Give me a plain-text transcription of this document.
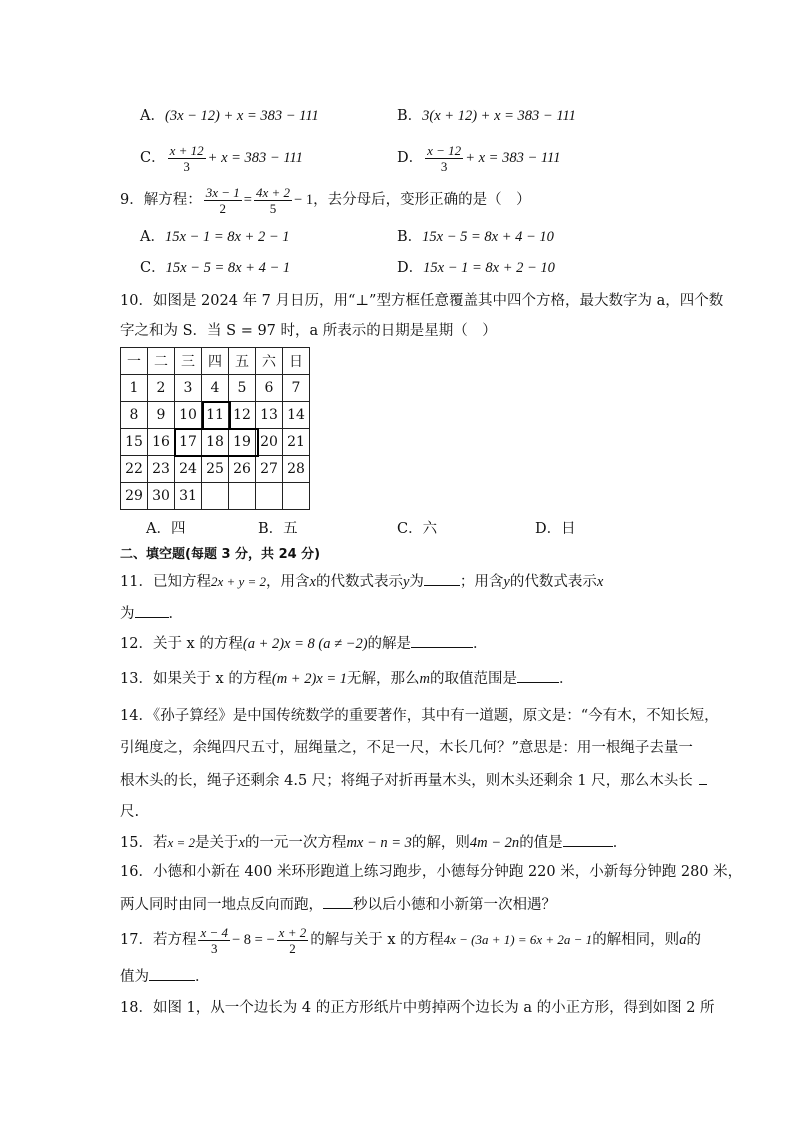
A．(3x − 12) + x = 383 − 111	B．3(x + 12) + x = 383 − 111
C． $\frac{x + 12}{3} + x = 383 - 111$	D． $\frac{x - 12}{3} + x = 383 - 111$
9．解方程： $\frac{3x - 1}{2} = \frac{4x + 2}{5} - 1$，去分母后，变形正确的是（　）
A．15x − 1 = 8x + 2 − 1	B．15x − 5 = 8x + 4 − 10
C．15x − 5 = 8x + 4 − 1	D．15x − 1 = 8x + 2 − 10
10．如图是 2024 年 7 月日历，用“⊥”型方框任意覆盖其中四个方格，最大数字为 a，四个数
字之和为 S．当 S = 97 时，a 所表示的日期是星期（　）
一	二	三	四	五	六	日
1	2	3	4	5	6	7
8	9	10	11	12	13	14
15	16	17	18	19	20	21
22	23	24	25	26	27	28
29	30	31				
A．四	B．五	C．六	D．日
二、填空题(每题 3 分，共 24 分)
11．已知方程2x + y = 2，用含x的代数式表示y为 ；用含y的代数式表示x
为 ．
12．关于 x 的方程(a + 2)x = 8 (a ≠ −2)的解是	．
13．如果关于 x 的方程(m + 2)x = 1无解，那么m的取值范围是	．
14．《孙子算经》是中国传统数学的重要著作，其中有一道题，原文是：“今有木，不知长短，
引绳度之，余绳四尺五寸，屈绳量之，不足一尺，木长几何？”意思是：用一根绳子去量一
根木头的长，绳子还剩余 4.5 尺；将绳子对折再量木头，则木头还剩余 1 尺，那么木头长
尺.
15．若x = 2是关于x的一元一次方程mx − n = 3的解，则4m − 2n的值是	．
16．小德和小新在 400 米环形跑道上练习跑步，小德每分钟跑 220 米，小新每分钟跑 280 米，
两人同时由同一地点反向而跑， 秒以后小德和小新第一次相遇？
17．若方程 $\frac{x - 4}{3} - 8$ = − $\frac{x + 2}{2}$ 的解与关于 x 的方程4x − (3a + 1) = 6x + 2a − 1的解相同，则a的
值为	．
18．如图 1，从一个边长为 4 的正方形纸片中剪掉两个边长为 a 的小正方形，得到如图 2 所
